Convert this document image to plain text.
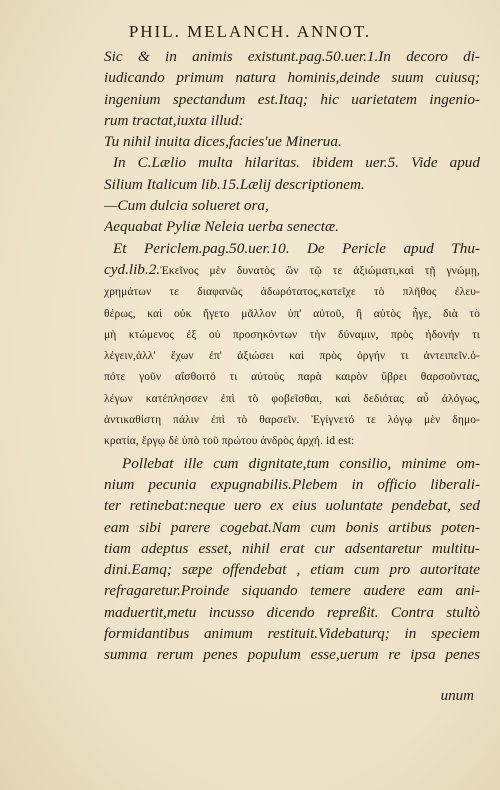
PHIL. MELANCH. ANNOT.
Sic & in animis existunt.pag.50.uer.1.In decoro di-
iudicando primum natura hominis,deinde suum cuiusq;
ingenium spectandum est.Itaq; hic uarietatem ingenio-
rum tractat,iuxta illud:
Tu nihil inuita dices,facies'ue Minerua.
In C.Lælio multa hilaritas. ibidem uer.5. Vide apud
Silium Italicum lib.15.Lælij descriptionem.
—Cum dulcia solueret ora,
Aequabat Pyliæ Neleia uerba senectæ.
Et Periclem.pag.50.uer.10. De Pericle apud Thu-
cyd.lib.2.Ἐκεῖνος μὲν δυνατὸς ὢν τῷ τε ἀξιώματι,καὶ τῇ γνώμῃ,
χρημάτων τε διαφανῶς ἀδωρότατος,κατεῖχε τὸ πλῆθος ἐλευ-
θέρως, καὶ οὐκ ἤγετο μᾶλλον ὑπ' αὐτοῦ, ἢ αὐτὸς ἦγε, διὰ τὸ
μὴ κτώμενος ἐξ οὐ προσηκόντων τὴν δύναμιν, πρὸς ἡδονήν τι
λέγειν,ἀλλ' ἔχων ἐπ' ἀξιώσει καὶ πρὸς ὀργήν τι ἀντειπεῖν.ὁ-
πότε γοῦν αἴσθοιτό τι αὐτοὺς παρὰ καιρὸν ὕβρει θαρσοῦντας,
λέγων κατέπλησσεν ἐπὶ τὸ φοβεῖσθαι, καὶ δεδιότας αὖ ἀλόγως,
ἀντικαθίστη πάλιν ἐπὶ τὸ θαρσεῖν. Ἐγίγνετό τε λόγῳ μὲν δημο-
κρατία, ἔργῳ δὲ ὑπὸ τοῦ πρώτου ἀνδρὸς ἀρχή. id est:
Pollebat ille cum dignitate,tum consilio, minime om-
nium pecunia expugnabilis.Plebem in officio liberali-
ter retinebat:neque uero ex eius uoluntate pendebat, sed
eam sibi parere cogebat.Nam cum bonis artibus poten-
tiam adeptus esset, nihil erat cur adsentaretur multitu-
dini.Eamq; sæpe offendebat , etiam cum pro autoritate
refragaretur.Proinde siquando temere audere eam ani-
maduertit,metu incusso dicendo repreßit. Contra stultò
formidantibus animum restituit.Videbaturq; in speciem
summa rerum penes populum esse,uerum re ipsa penes
unum
